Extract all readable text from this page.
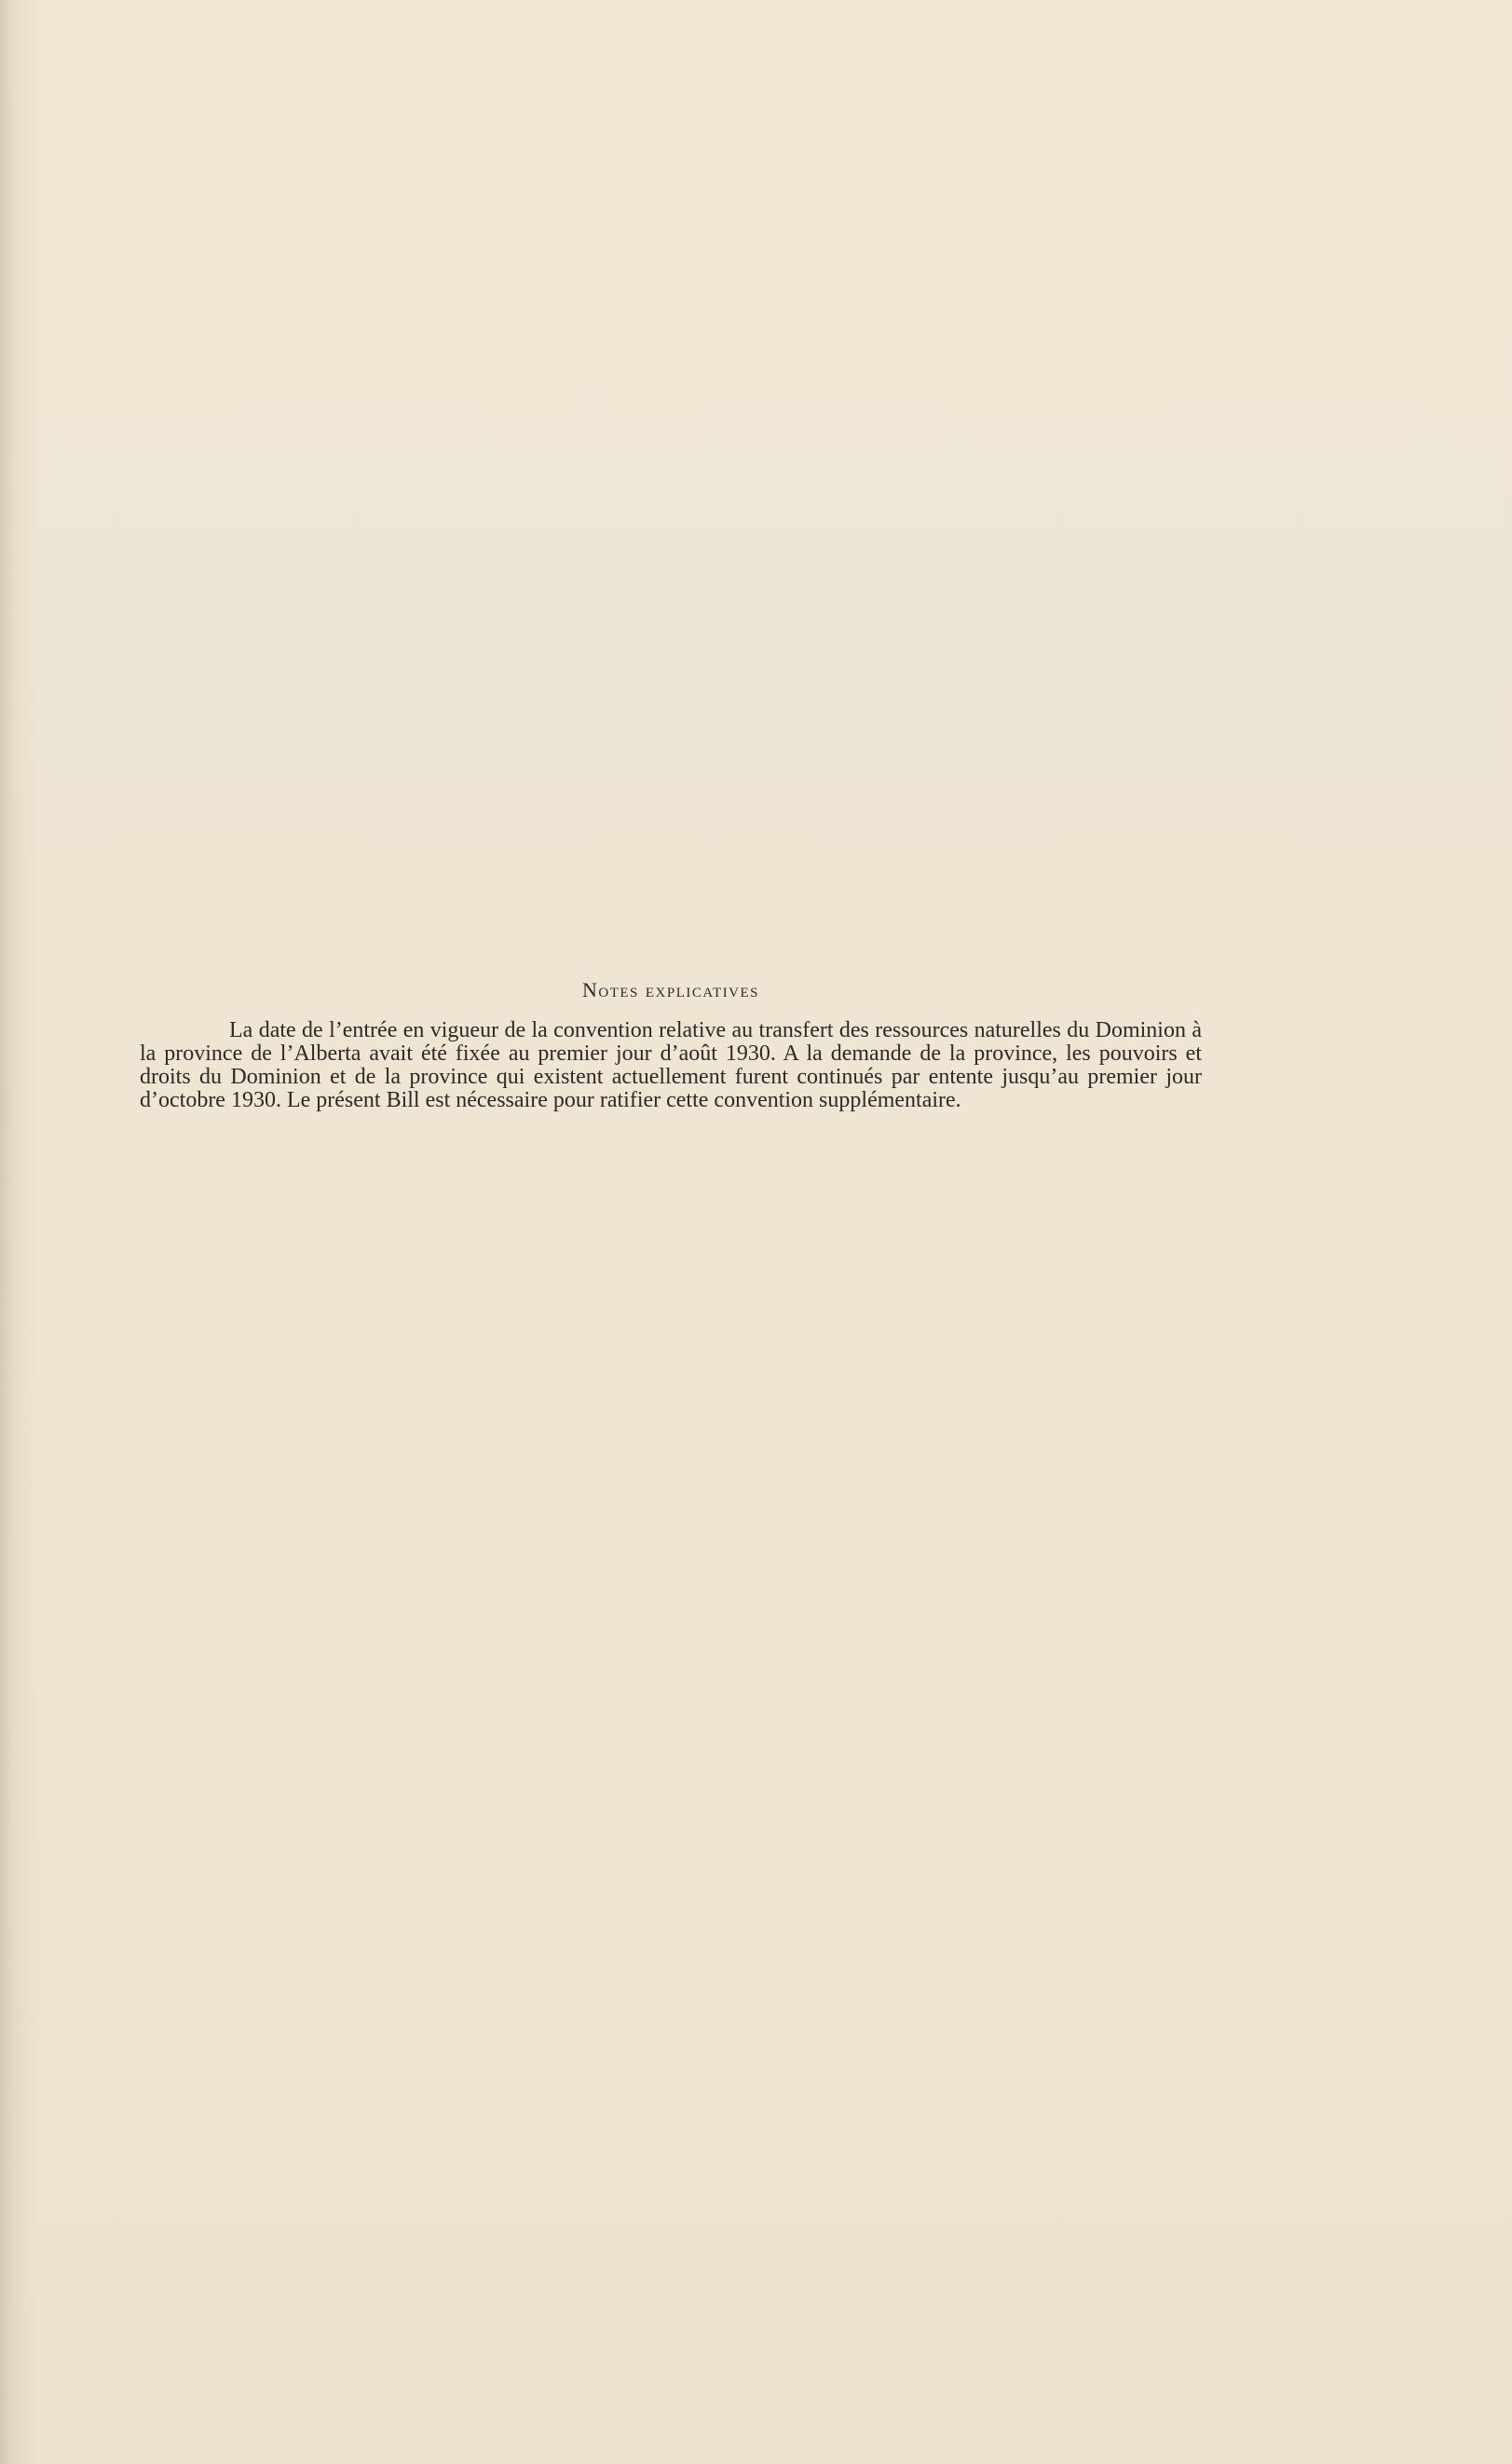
Notes explicatives

La date de l’entrée en vigueur de la convention relative au transfert des ressources naturelles du Dominion à la province de l’Alberta avait été fixée au premier jour d’août 1930. A la demande de la province, les pouvoirs et droits du Dominion et de la province qui existent actuellement furent continués par entente jusqu’au premier jour d’octobre 1930. Le présent Bill est nécessaire pour ratifier cette convention supplémentaire.
